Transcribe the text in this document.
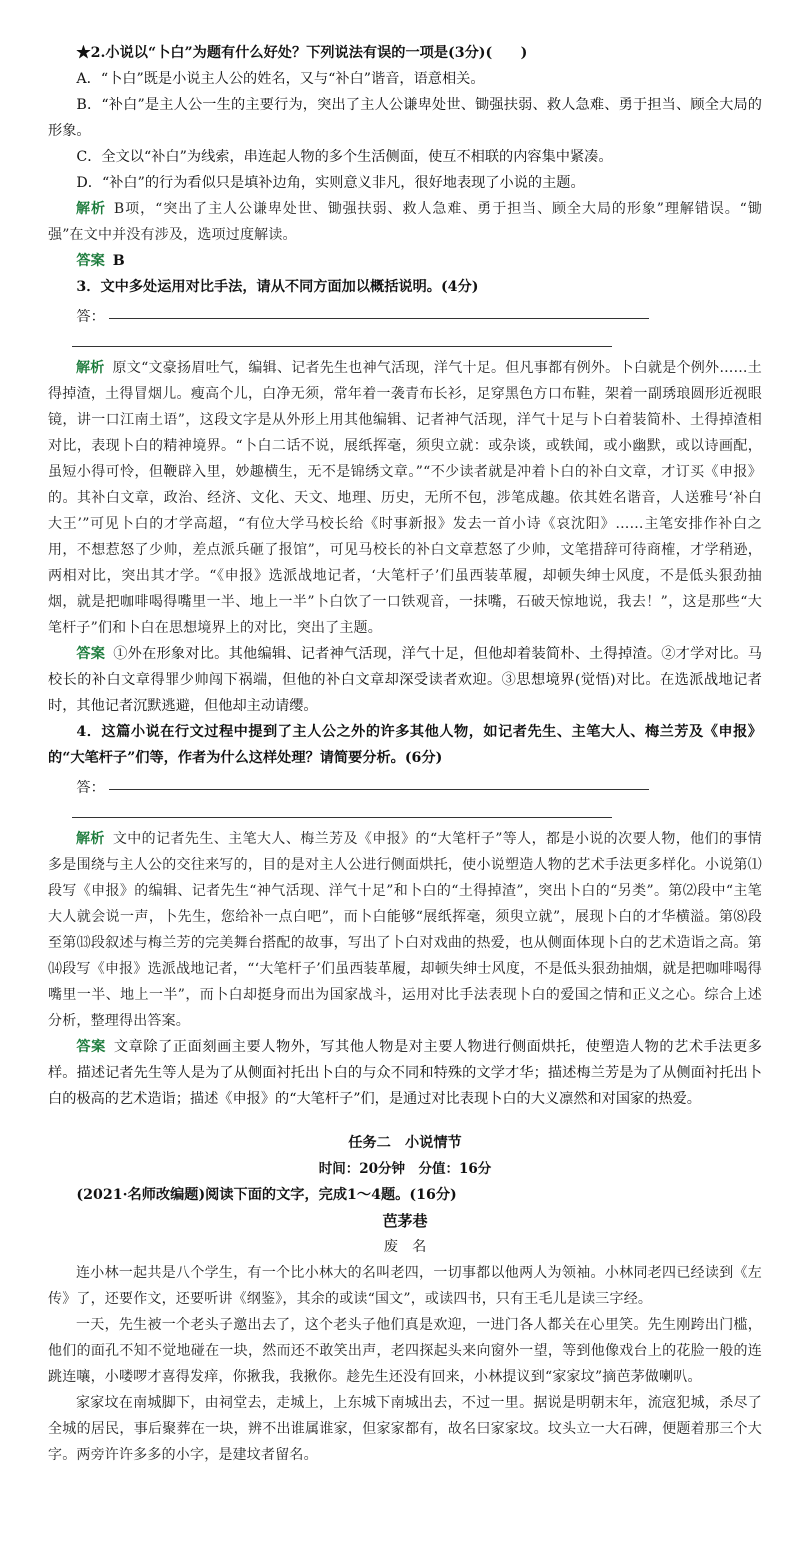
★2.小说以“卜白”为题有什么好处？下列说法有误的一项是(3分)(　　)

A．“卜白”既是小说主人公的姓名，又与“补白”谐音，语意相关。

B．“补白”是主人公一生的主要行为，突出了主人公谦卑处世、锄强扶弱、救人急难、勇于担当、顾全大局的形象。

C．全文以“补白”为线索，串连起人物的多个生活侧面，使互不相联的内容集中紧凑。

D．“补白”的行为看似只是填补边角，实则意义非凡，很好地表现了小说的主题。

解析 B项，“突出了主人公谦卑处世、锄强扶弱、救人急难、勇于担当、顾全大局的形象”理解错误。“锄强”在文中并没有涉及，选项过度解读。

答案 B

3．文中多处运用对比手法，请从不同方面加以概括说明。(4分)

答：

解析 原文“文豪扬眉吐气，编辑、记者先生也神气活现，洋气十足。但凡事都有例外。卜白就是个例外……土得掉渣，土得冒烟儿。瘦高个儿，白净无须，常年着一袭青布长衫，足穿黑色方口布鞋，架着一副琇琅圆形近视眼镜，讲一口江南土语”，这段文字是从外形上用其他编辑、记者神气活现，洋气十足与卜白着装简朴、土得掉渣相对比，表现卜白的精神境界。“卜白二话不说，展纸挥毫，须臾立就：或杂谈，或轶闻，或小幽默，或以诗画配，虽短小得可怜，但鞭辟入里，妙趣横生，无不是锦绣文章。”“不少读者就是冲着卜白的补白文章，才订买《申报》的。其补白文章，政治、经济、文化、天文、地理、历史，无所不包，涉笔成趣。依其姓名谐音，人送雅号‘补白大王’”可见卜白的才学高超，“有位大学马校长给《时事新报》发去一首小诗《哀沈阳》……主笔安排作补白之用，不想惹怒了少帅，差点派兵砸了报馆”，可见马校长的补白文章惹怒了少帅，文笔措辞可待商榷，才学稍逊，两相对比，突出其才学。“《申报》选派战地记者，‘大笔杆子’们虽西装革履，却顿失绅士风度，不是低头狠劲抽烟，就是把咖啡喝得嘴里一半、地上一半”卜白饮了一口铁观音，一抹嘴，石破天惊地说，我去！”，这是那些“大笔杆子”们和卜白在思想境界上的对比，突出了主题。

答案 ①外在形象对比。其他编辑、记者神气活现，洋气十足，但他却着装简朴、土得掉渣。②才学对比。马校长的补白文章得罪少帅闯下祸端，但他的补白文章却深受读者欢迎。③思想境界(觉悟)对比。在选派战地记者时，其他记者沉默逃避，但他却主动请缨。

4．这篇小说在行文过程中提到了主人公之外的许多其他人物，如记者先生、主笔大人、梅兰芳及《申报》的“大笔杆子”们等，作者为什么这样处理？请简要分析。(6分)

答：

解析 文中的记者先生、主笔大人、梅兰芳及《申报》的“大笔杆子”等人，都是小说的次要人物，他们的事情多是围绕与主人公的交往来写的，目的是对主人公进行侧面烘托，使小说塑造人物的艺术手法更多样化。小说第⑴段写《申报》的编辑、记者先生“神气活现、洋气十足”和卜白的“土得掉渣”，突出卜白的“另类”。第⑵段中“主笔大人就会说一声，卜先生，您给补一点白吧”，而卜白能够“展纸挥毫，须臾立就”，展现卜白的才华横溢。第⑻段至第⒀段叙述与梅兰芳的完美舞台搭配的故事，写出了卜白对戏曲的热爱，也从侧面体现卜白的艺术造诣之高。第⒁段写《申报》选派战地记者，“‘大笔杆子’们虽西装革履，却顿失绅士风度，不是低头狠劲抽烟，就是把咖啡喝得嘴里一半、地上一半”，而卜白却挺身而出为国家战斗，运用对比手法表现卜白的爱国之情和正义之心。综合上述分析，整理得出答案。

答案 文章除了正面刻画主要人物外，写其他人物是对主要人物进行侧面烘托，使塑造人物的艺术手法更多样。描述记者先生等人是为了从侧面衬托出卜白的与众不同和特殊的文学才华；描述梅兰芳是为了从侧面衬托出卜白的极高的艺术造诣；描述《申报》的“大笔杆子”们，是通过对比表现卜白的大义凛然和对国家的热爱。

任务二　小说情节

时间：20分钟　分值：16分

(2021·名师改编题)阅读下面的文字，完成1～4题。(16分)

芭茅巷

废　名

连小林一起共是八个学生，有一个比小林大的名叫老四，一切事都以他两人为领袖。小林同老四已经读到《左传》了，还要作文，还要听讲《纲鉴》，其余的或读“国文”，或读四书，只有王毛儿是读三字经。

一天，先生被一个老头子邀出去了，这个老头子他们真是欢迎，一进门各人都关在心里笑。先生刚跨出门槛，他们的面孔不知不觉地碰在一块，然而还不敢笑出声，老四探起头来向窗外一望，等到他像戏台上的花脸一般的连跳连嚷，小喽啰才喜得发痒，你揪我，我揪你。趁先生还没有回来，小林提议到“家家坟”摘芭茅做喇叭。

家家坟在南城脚下，由祠堂去，走城上，上东城下南城出去，不过一里。据说是明朝末年，流寇犯城，杀尽了全城的居民，事后聚葬在一块，辨不出谁属谁家，但家家都有，故名曰家家坟。坟头立一大石碑，便题着那三个大字。两旁许许多多的小字，是建坟者留名。
